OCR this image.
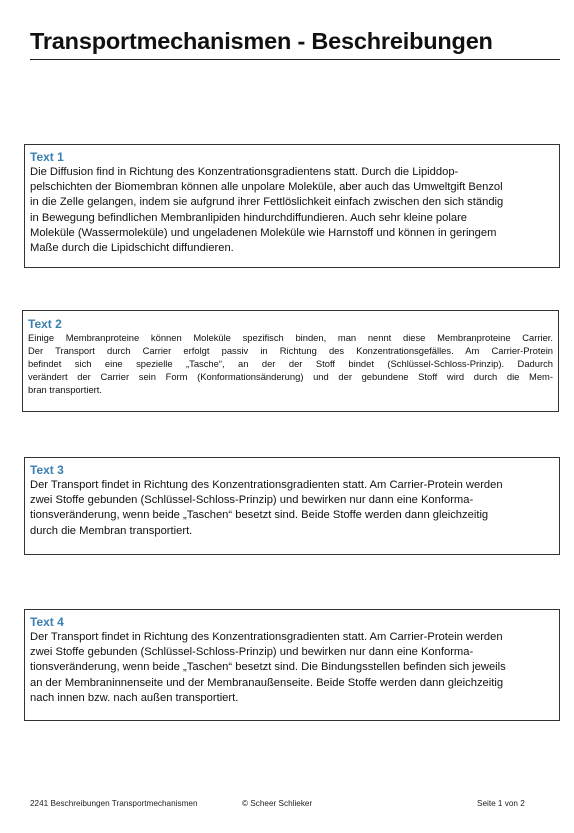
Transportmechanismen - Beschreibungen
Text 1
Die Diffusion find in Richtung des Konzentrationsgradientens statt. Durch die Lipiddop-
pelschichten der Biomembran können alle unpolare Moleküle, aber auch das Umweltgift Benzol
in die Zelle gelangen, indem sie aufgrund ihrer Fettlöslichkeit einfach zwischen den sich ständig
in Bewegung befindlichen Membranlipiden hindurchdiffundieren. Auch sehr kleine polare
Moleküle (Wassermoleküle) und ungeladenen Moleküle wie Harnstoff und können in geringem
Maße durch die Lipidschicht diffundieren.
Text 2
Einige Membranproteine können Moleküle spezifisch binden, man nennt diese Membranproteine Carrier.
Der Transport durch Carrier erfolgt passiv in Richtung des Konzentrationsgefälles. Am Carrier-Protein
befindet sich eine spezielle „Tasche“, an der der Stoff bindet (Schlüssel-Schloss-Prinzip). Dadurch
verändert der Carrier sein Form (Konformationsänderung) und der gebundene Stoff wird durch die Mem-
bran transportiert.
Text 3
Der Transport findet in Richtung des Konzentrationsgradienten statt. Am Carrier-Protein werden
zwei Stoffe gebunden (Schlüssel-Schloss-Prinzip) und bewirken nur dann eine Konforma-
tionsveränderung, wenn beide „Taschen“ besetzt sind. Beide Stoffe werden dann gleichzeitig
durch die Membran transportiert.
Text 4
Der Transport findet in Richtung des Konzentrationsgradienten statt. Am Carrier-Protein werden
zwei Stoffe gebunden (Schlüssel-Schloss-Prinzip) und bewirken nur dann eine Konforma-
tionsveränderung, wenn beide „Taschen“ besetzt sind. Die Bindungsstellen befinden sich jeweils
an der Membraninnenseite und der Membranaußenseite. Beide Stoffe werden dann gleichzeitig
nach innen bzw. nach außen transportiert.
2241 Beschreibungen Transportmechanismen	© Scheer Schlieker	Seite 1 von 2
